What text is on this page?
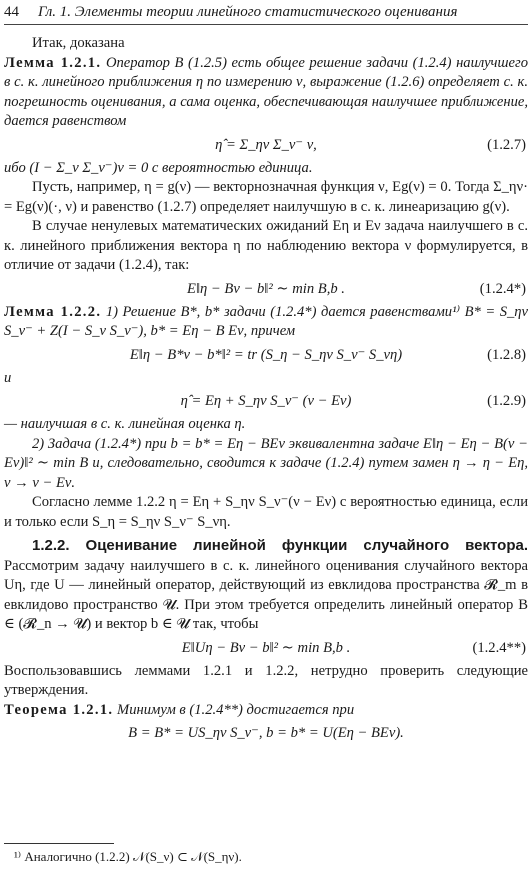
44 Гл. 1. Элементы теории линейного статистического оценивания

Итак, доказана

Лемма 1.2.1. Оператор B (1.2.5) есть общее решение задачи (1.2.4) наилучшего в с. к. линейного приближения η по измерению ν, выражение (1.2.6) определяет с. к. погрешность оценивания, а сама оценка, обеспечивающая наилучшее приближение, дается равенством

η̂ = Σ_ην Σ_ν⁻ ν,	(1.2.7)

ибо (I − Σ_ν Σ_ν⁻)ν = 0 с вероятностью единица.

Пусть, например, η = g(ν) — векторнозначная функция ν, Eg(ν) = 0. Тогда Σ_ην· = Eg(ν)(·, ν) и равенство (1.2.7) определяет наилучшую в с. к. линеаризацию g(ν).

В случае ненулевых математических ожиданий Eη и Eν задача наилучшего в с. к. линейного приближения вектора η по наблюдению вектора ν формулируется, в отличие от задачи (1.2.4), так:

E‖η − Bν − b‖² ∼ min B,b .	(1.2.4*)

Лемма 1.2.2. 1) Решение B*, b* задачи (1.2.4*) дается равенствами¹⁾ B* = S_ην S_ν⁻ + Z(I − S_ν S_ν⁻), b* = Eη − B Eν, причем

E‖η − B*ν − b*‖² = tr (S_η − S_ην S_ν⁻ S_νη)	(1.2.8)

и

η̂ = Eη + S_ην S_ν⁻ (ν − Eν)	(1.2.9)

— наилучшая в с. к. линейная оценка η.

2) Задача (1.2.4*) при b = b* = Eη − BEν эквивалентна задаче E‖η − Eη − B(ν − Eν)‖² ∼ min B и, следовательно, сводится к задаче (1.2.4) путем замен η → η − Eη, ν → ν − Eν.

Согласно лемме 1.2.2 η = Eη + S_ην S_ν⁻(ν − Eν) с вероятностью единица, если и только если S_η = S_ην S_ν⁻ S_νη.

1.2.2. Оценивание линейной функции случайного вектора. Рассмотрим задачу наилучшего в с. к. линейного оценивания случайного вектора Uη, где U — линейный оператор, действующий из евклидова пространства 𝓡_m в евклидово пространство 𝓤. При этом требуется определить линейный оператор B ∈ (𝓡_n → 𝓤) и вектор b ∈ 𝓤 так, чтобы

E‖Uη − Bν − b‖² ∼ min B,b .	(1.2.4**)

Воспользовавшись леммами 1.2.1 и 1.2.2, нетрудно проверить следующие утверждения.

Теорема 1.2.1. Минимум в (1.2.4**) достигается при

B = B* = US_ην S_ν⁻, b = b* = U(Eη − BEν).
¹⁾ Аналогично (1.2.2) 𝒩(S_ν) ⊂ 𝒩(S_ην).
